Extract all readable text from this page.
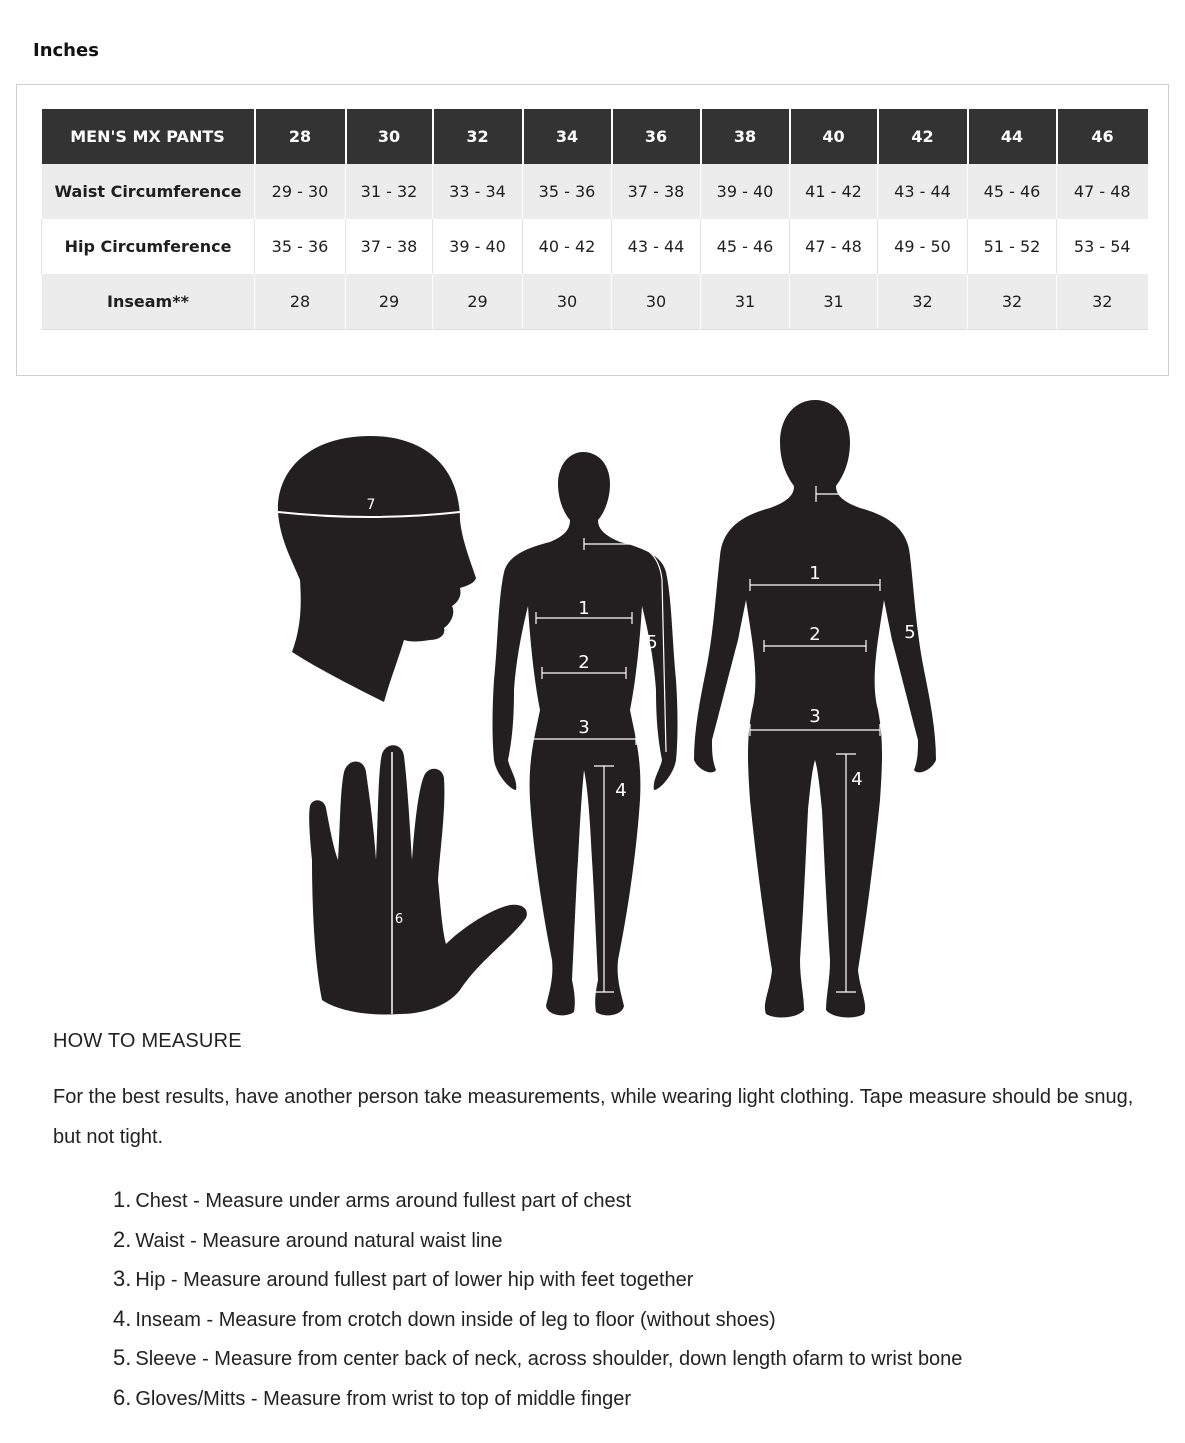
Inches
MEN'S MX PANTS	28	30	32	34	36	38	40	42	44	46
Waist Circumference	29 - 30	31 - 32	33 - 34	35 - 36	37 - 38	39 - 40	41 - 42	43 - 44	45 - 46	47 - 48
Hip Circumference	35 - 36	37 - 38	39 - 40	40 - 42	43 - 44	45 - 46	47 - 48	49 - 50	51 - 52	53 - 54
Inseam**	28	29	29	30	30	31	31	32	32	32
7
6
1
2
3
4
5
1
2
3
4
5
HOW TO MEASURE
For the best results, have another person take measurements, while wearing light clothing. Tape measure should be snug, but not tight.
1. Chest - Measure under arms around fullest part of chest
2. Waist - Measure around natural waist line
3. Hip - Measure around fullest part of lower hip with feet together
4. Inseam - Measure from crotch down inside of leg to floor (without shoes)
5. Sleeve - Measure from center back of neck, across shoulder, down length ofarm to wrist bone
6. Gloves/Mitts - Measure from wrist to top of middle finger
